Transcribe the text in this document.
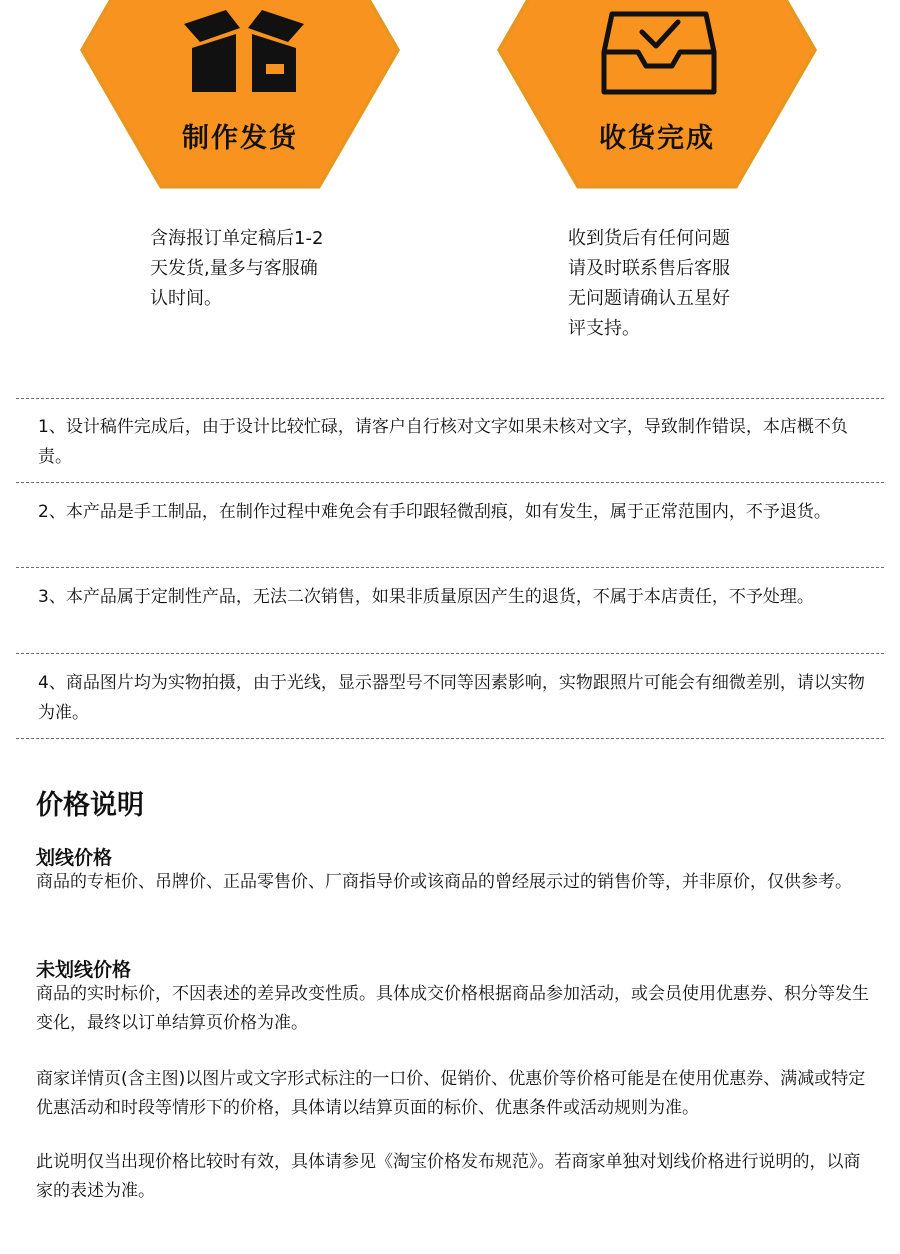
制作发货
含海报订单定稿后1-2
天发货,量多与客服确
认时间。
收货完成
收到货后有任何问题
请及时联系售后客服
无问题请确认五星好
评支持。
1、设计稿件完成后，由于设计比较忙碌，请客户自行核对文字如果未核对文字，导致制作错误，本店概不负责。
2、本产品是手工制品，在制作过程中难免会有手印跟轻微刮痕，如有发生，属于正常范围内，不予退货。
3、本产品属于定制性产品，无法二次销售，如果非质量原因产生的退货，不属于本店责任，不予处理。
4、商品图片均为实物拍摄，由于光线，显示器型号不同等因素影响，实物跟照片可能会有细微差别，请以实物为准。
价格说明
划线价格
商品的专柜价、吊牌价、正品零售价、厂商指导价或该商品的曾经展示过的销售价等，并非原价，仅供参考。
未划线价格
商品的实时标价，不因表述的差异改变性质。具体成交价格根据商品参加活动，或会员使用优惠券、积分等发生变化，最终以订单结算页价格为准。
商家详情页(含主图)以图片或文字形式标注的一口价、促销价、优惠价等价格可能是在使用优惠券、满减或特定优惠活动和时段等情形下的价格，具体请以结算页面的标价、优惠条件或活动规则为准。
此说明仅当出现价格比较时有效，具体请参见《淘宝价格发布规范》。若商家单独对划线价格进行说明的，以商家的表述为准。
